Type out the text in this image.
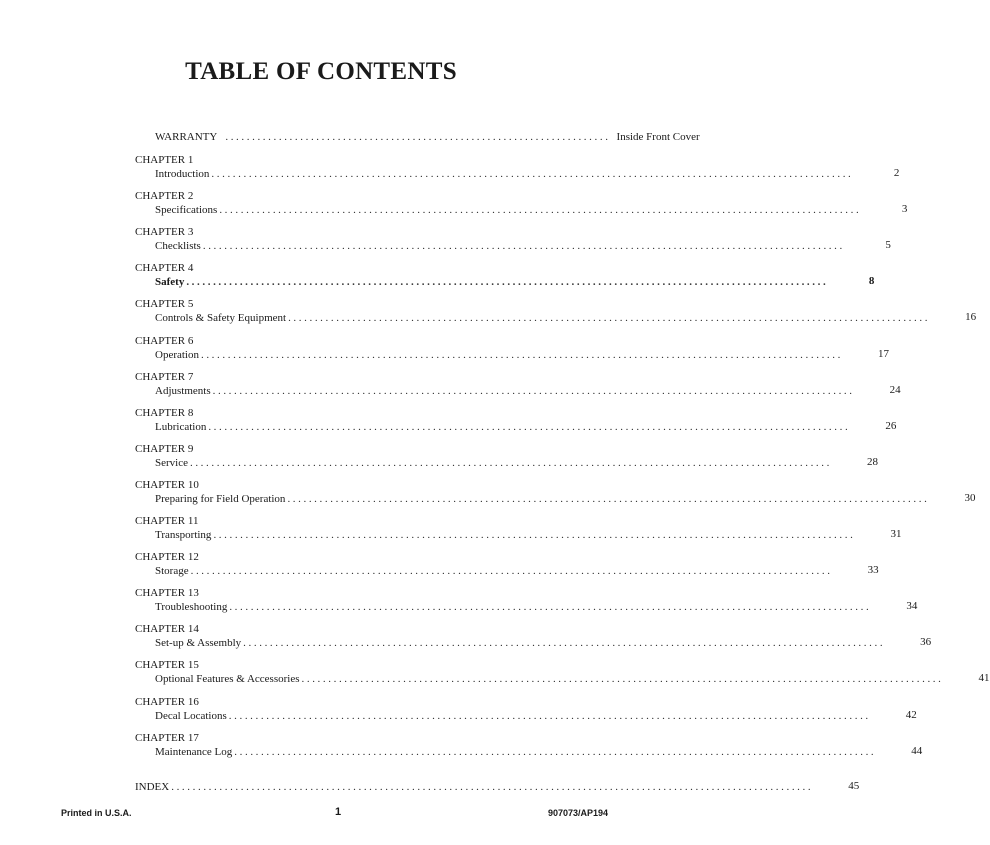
TABLE OF CONTENTS
WARRANTY ........................................................................ Inside Front Cover
CHAPTER 1
Introduction ........................................................................................................................	2
CHAPTER 2
Specifications ........................................................................................................................	3
CHAPTER 3
Checklists ........................................................................................................................	5
CHAPTER 4
Safety ........................................................................................................................	8
CHAPTER 5
Controls & Safety Equipment ........................................................................................................................	16
CHAPTER 6
Operation ........................................................................................................................	17
CHAPTER 7
Adjustments ........................................................................................................................	24
CHAPTER 8
Lubrication ........................................................................................................................	26
CHAPTER 9
Service ........................................................................................................................	28
CHAPTER 10
Preparing for Field Operation ........................................................................................................................	30
CHAPTER 11
Transporting ........................................................................................................................	31
CHAPTER 12
Storage ........................................................................................................................	33
CHAPTER 13
Troubleshooting ........................................................................................................................	34
CHAPTER 14
Set-up & Assembly ........................................................................................................................	36
CHAPTER 15
Optional Features & Accessories ........................................................................................................................	41
CHAPTER 16
Decal Locations ........................................................................................................................	42
CHAPTER 17
Maintenance Log ........................................................................................................................	44
INDEX ........................................................................................................................	45
Printed in U.S.A.	1	907073/AP194
